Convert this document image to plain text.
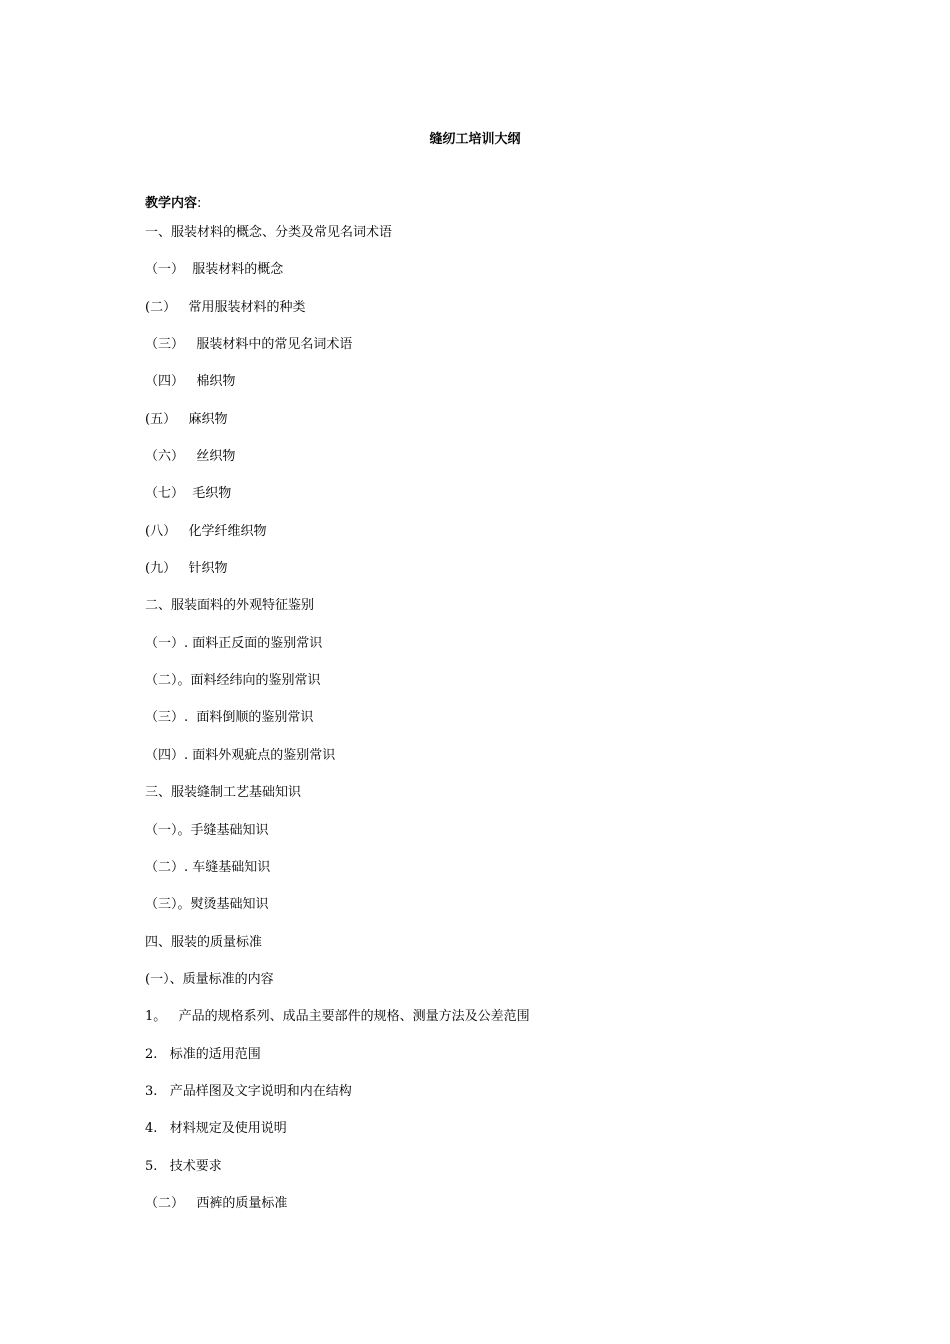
缝纫工培训大纲
教学内容:
一、服装材料的概念、分类及常见名词术语
（一）  服装材料的概念
(二）   常用服装材料的种类
（三）   服装材料中的常见名词术语
（四）   棉织物
(五）   麻织物
（六）   丝织物
（七）  毛织物
(八）   化学纤维织物
(九）   针织物
二、服装面料的外观特征鉴别
（一）. 面料正反面的鉴别常识
（二）。面料经纬向的鉴别常识
（三）.  面料倒顺的鉴别常识
（四）. 面料外观疵点的鉴别常识
三、服装缝制工艺基础知识
（一）。手缝基础知识
（二）. 车缝基础知识
（三）。熨烫基础知识
四、服装的质量标准
(一）、质量标准的内容
1。   产品的规格系列、成品主要部件的规格、测量方法及公差范围
2.   标准的适用范围
3.   产品样图及文字说明和内在结构
4.   材料规定及使用说明
5.   技术要求
（二）   西裤的质量标准
